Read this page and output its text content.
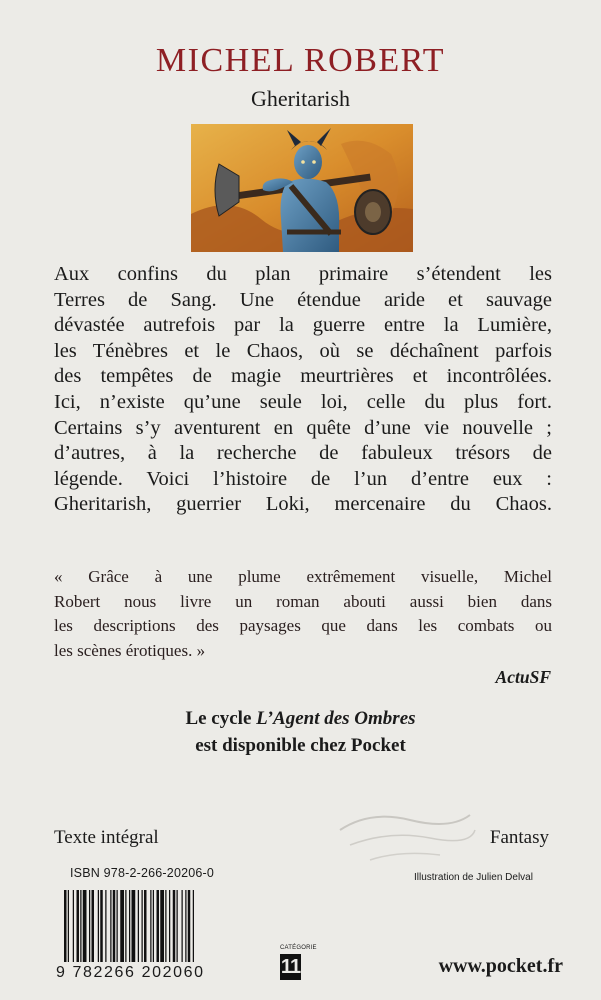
MICHEL ROBERT
Gheritarish
Aux confins du plan primaire s’étendent les
Terres de Sang. Une étendue aride et sauvage
dévastée autrefois par la guerre entre la Lumière,
les Ténèbres et le Chaos, où se déchaînent parfois
des tempêtes de magie meurtrières et incontrôlées.
Ici, n’existe qu’une seule loi, celle du plus fort.
Certains s’y aventurent en quête d’une vie nouvelle ;
d’autres, à la recherche de fabuleux trésors de
légende. Voici l’histoire de l’un d’entre eux :
Gheritarish, guerrier Loki, mercenaire du Chaos.
« Grâce à une plume extrêmement visuelle, Michel
Robert nous livre un roman abouti aussi bien dans
les descriptions des paysages que dans les combats ou
les scènes érotiques. »
ActuSF
Le cycle L’Agent des Ombres
est disponible chez Pocket
Texte intégral	Fantasy
ISBN 978-2-266-20206-0	Illustration de Julien Delval
9 782266 202060
CATÉGORIE
11	www.pocket.fr
